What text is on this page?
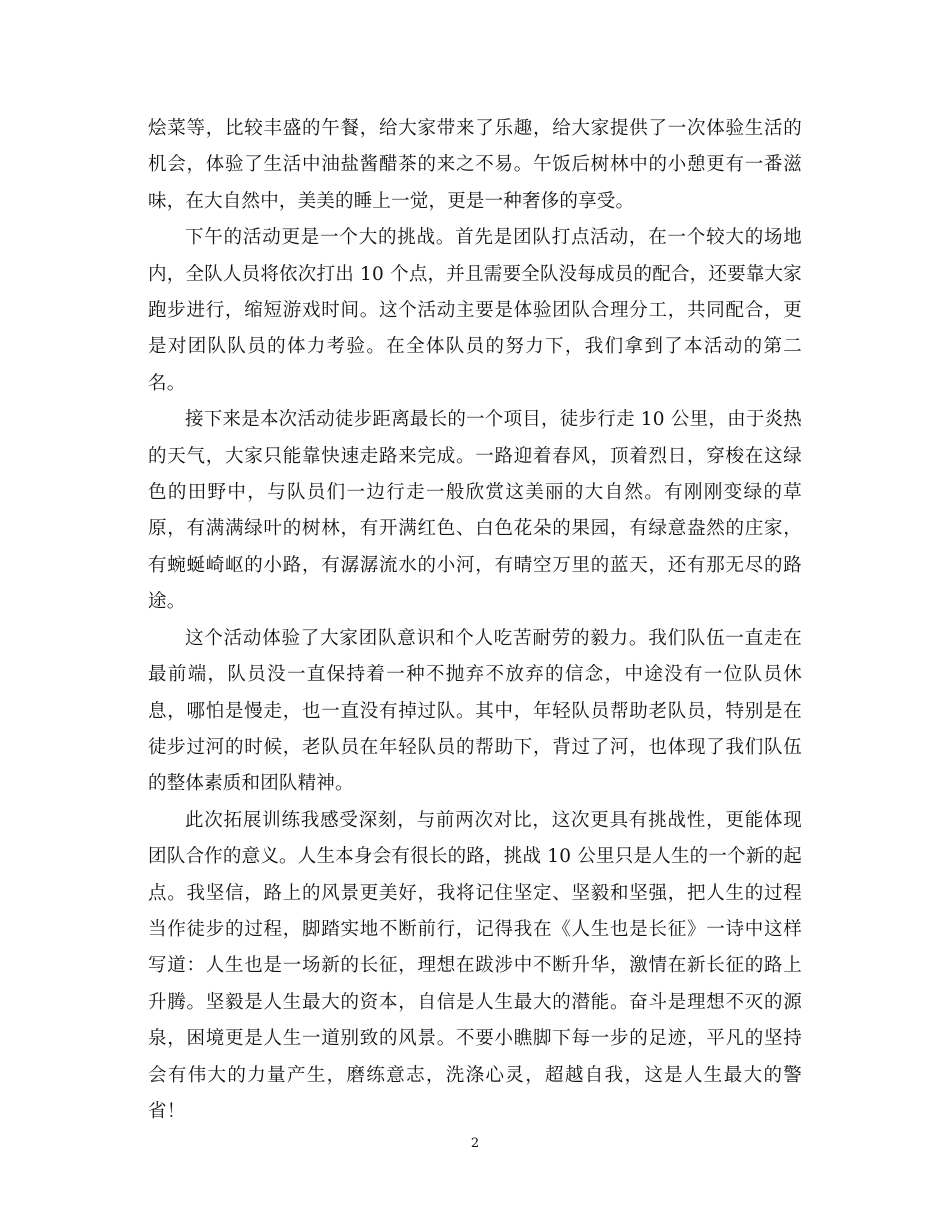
烩菜等，比较丰盛的午餐，给大家带来了乐趣，给大家提供了一次体验生活的机会，体验了生活中油盐酱醋茶的来之不易。午饭后树林中的小憩更有一番滋味，在大自然中，美美的睡上一觉，更是一种奢侈的享受。

下午的活动更是一个大的挑战。首先是团队打点活动，在一个较大的场地内，全队人员将依次打出 10 个点，并且需要全队没每成员的配合，还要靠大家跑步进行，缩短游戏时间。这个活动主要是体验团队合理分工，共同配合，更是对团队队员的体力考验。在全体队员的努力下，我们拿到了本活动的第二名。

接下来是本次活动徒步距离最长的一个项目，徒步行走 10 公里，由于炎热的天气，大家只能靠快速走路来完成。一路迎着春风，顶着烈日，穿梭在这绿色的田野中，与队员们一边行走一般欣赏这美丽的大自然。有刚刚变绿的草原，有满满绿叶的树林，有开满红色、白色花朵的果园，有绿意盎然的庄家，有蜿蜒崎岖的小路，有潺潺流水的小河，有晴空万里的蓝天，还有那无尽的路途。

这个活动体验了大家团队意识和个人吃苦耐劳的毅力。我们队伍一直走在最前端，队员没一直保持着一种不抛弃不放弃的信念，中途没有一位队员休息，哪怕是慢走，也一直没有掉过队。其中，年轻队员帮助老队员，特别是在徒步过河的时候，老队员在年轻队员的帮助下，背过了河，也体现了我们队伍的整体素质和团队精神。

此次拓展训练我感受深刻，与前两次对比，这次更具有挑战性，更能体现团队合作的意义。人生本身会有很长的路，挑战 10 公里只是人生的一个新的起点。我坚信，路上的风景更美好，我将记住坚定、坚毅和坚强，把人生的过程当作徒步的过程，脚踏实地不断前行，记得我在《人生也是长征》一诗中这样写道：人生也是一场新的长征，理想在跋涉中不断升华，激情在新长征的路上升腾。坚毅是人生最大的资本，自信是人生最大的潜能。奋斗是理想不灭的源泉，困境更是人生一道别致的风景。不要小瞧脚下每一步的足迹，平凡的坚持会有伟大的力量产生，磨练意志，洗涤心灵，超越自我，这是人生最大的警省！

2
